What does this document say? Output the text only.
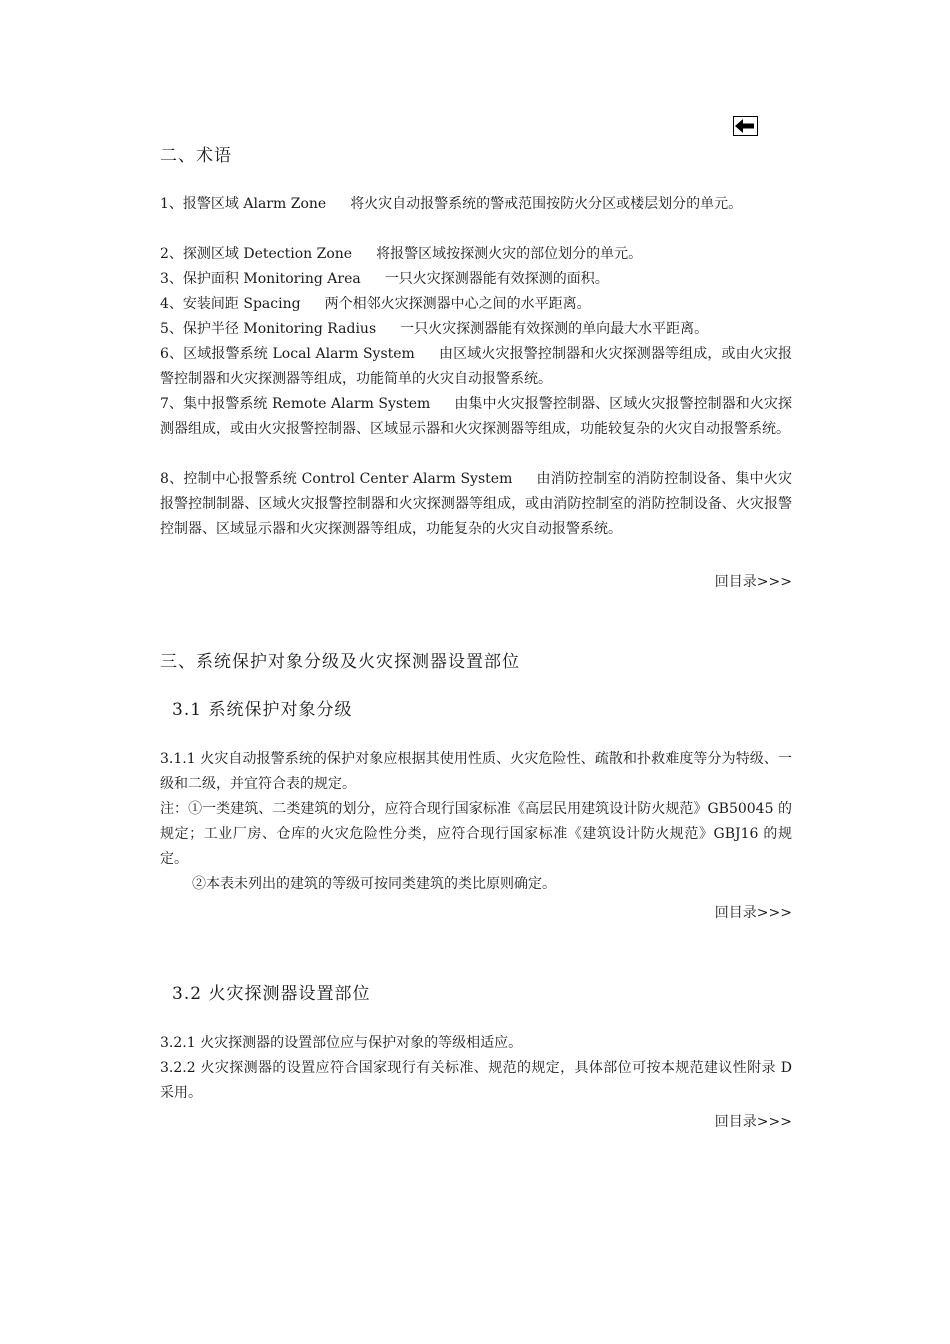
二、术语
1、报警区域 Alarm Zone 将火灾自动报警系统的警戒范围按防火分区或楼层划分的单元。
2、探测区域 Detection Zone 将报警区域按探测火灾的部位划分的单元。
3、保护面积 Monitoring Area 一只火灾探测器能有效探测的面积。
4、安装间距 Spacing 两个相邻火灾探测器中心之间的水平距离。
5、保护半径 Monitoring Radius 一只火灾探测器能有效探测的单向最大水平距离。
6、区域报警系统 Local Alarm System 由区域火灾报警控制器和火灾探测器等组成，或由火灾报警控制器和火灾探测器等组成，功能简单的火灾自动报警系统。
7、集中报警系统 Remote Alarm System 由集中火灾报警控制器、区域火灾报警控制器和火灾探测器组成，或由火灾报警控制器、区域显示器和火灾探测器等组成，功能较复杂的火灾自动报警系统。
8、控制中心报警系统 Control Center Alarm System 由消防控制室的消防控制设备、集中火灾报警控制制器、区域火灾报警控制器和火灾探测器等组成，或由消防控制室的消防控制设备、火灾报警控制器、区域显示器和火灾探测器等组成，功能复杂的火灾自动报警系统。
回目录>>>
三、系统保护对象分级及火灾探测器设置部位
3.1 系统保护对象分级
3.1.1 火灾自动报警系统的保护对象应根据其使用性质、火灾危险性、疏散和扑救难度等分为特级、一级和二级，并宜符合表的规定。
注：①一类建筑、二类建筑的划分，应符合现行国家标准《高层民用建筑设计防火规范》GB50045 的规定；工业厂房、仓库的火灾危险性分类，应符合现行国家标准《建筑设计防火规范》GBJ16 的规定。
②本表未列出的建筑的等级可按同类建筑的类比原则确定。
回目录>>>
3.2 火灾探测器设置部位
3.2.1 火灾探测器的设置部位应与保护对象的等级相适应。
3.2.2 火灾探测器的设置应符合国家现行有关标准、规范的规定，具体部位可按本规范建议性附录 D 采用。
回目录>>>
